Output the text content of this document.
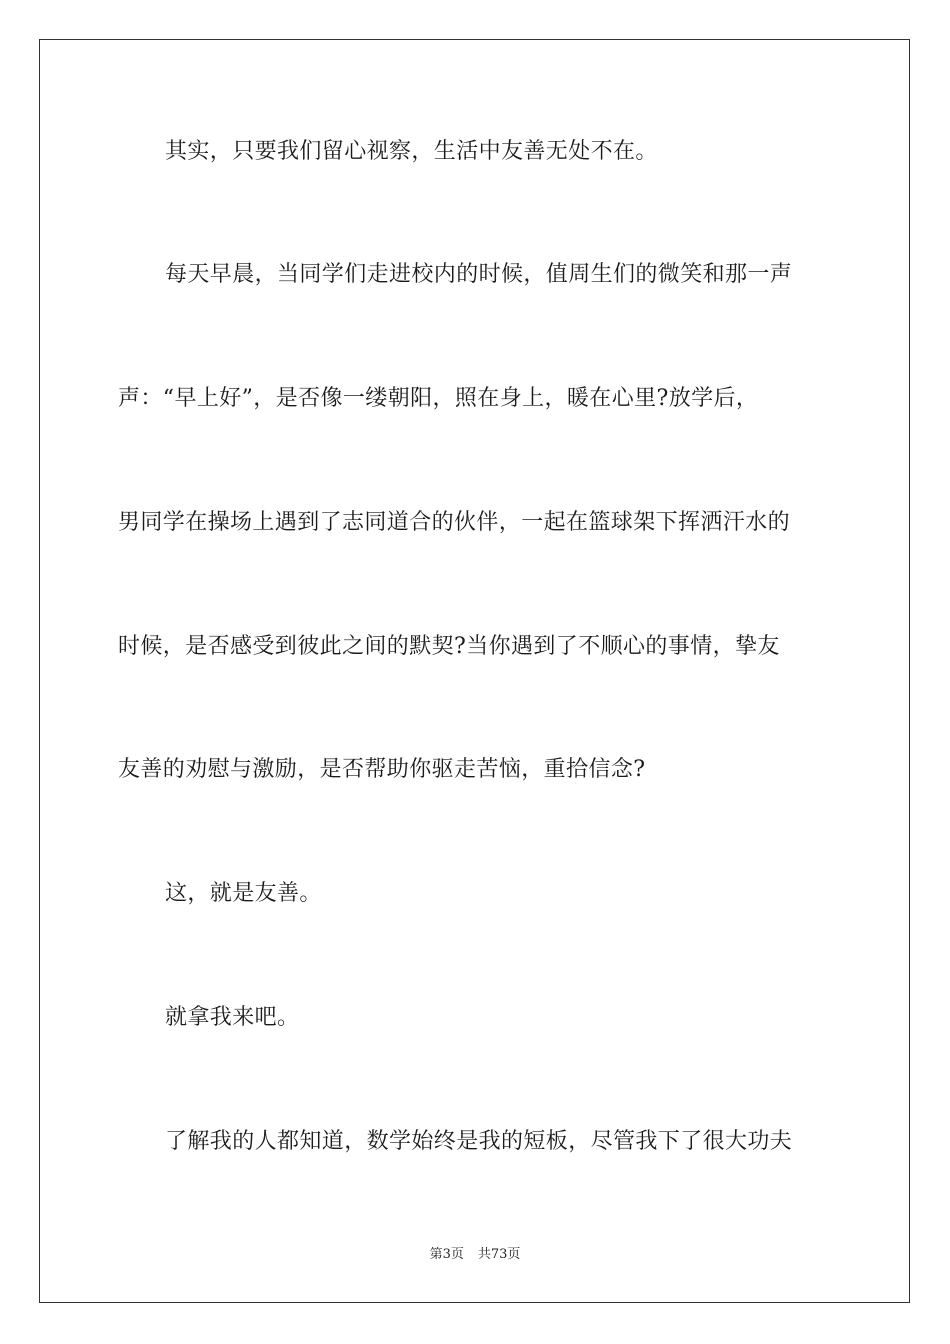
其实，只要我们留心视察，生活中友善无处不在。
每天早晨，当同学们走进校内的时候，值周生们的微笑和那一声
声：“早上好”，是否像一缕朝阳，照在身上，暖在心里?放学后，
男同学在操场上遇到了志同道合的伙伴，一起在篮球架下挥洒汗水的
时候，是否感受到彼此之间的默契?当你遇到了不顺心的事情，挚友
友善的劝慰与激励，是否帮助你驱走苦恼，重拾信念?
这，就是友善。
就拿我来吧。
了解我的人都知道，数学始终是我的短板，尽管我下了很大功夫
第3页 共73页
